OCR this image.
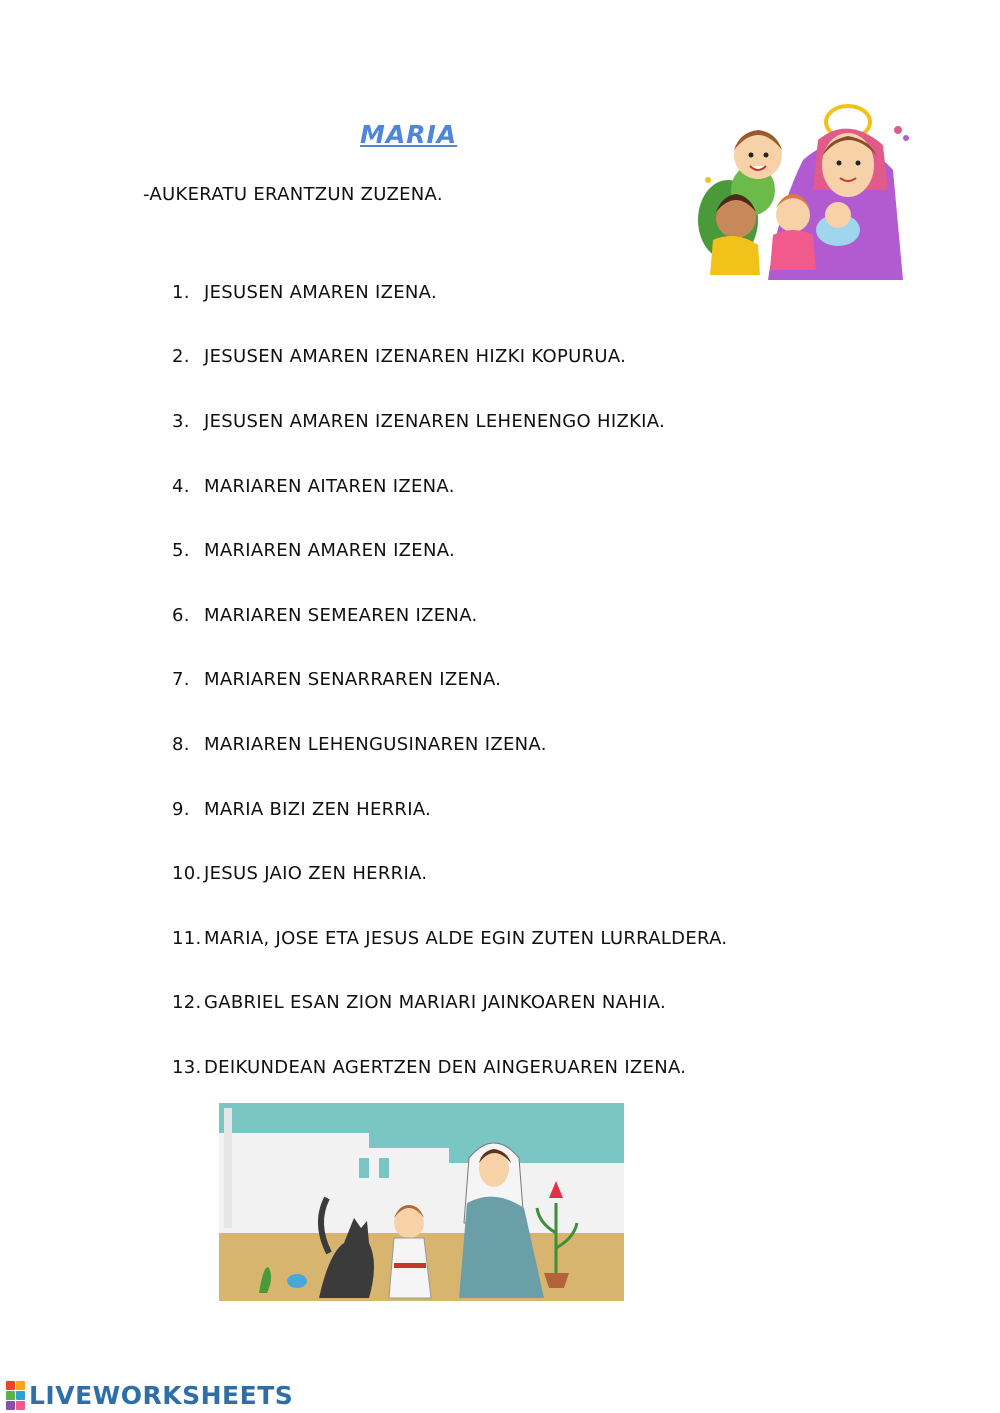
MARIA
-AUKERATU ERANTZUN ZUZENA.
1. JESUSEN AMAREN IZENA.
2. JESUSEN AMAREN IZENAREN HIZKI KOPURUA.
3. JESUSEN AMAREN IZENAREN LEHENENGO HIZKIA.
4. MARIAREN AITAREN IZENA.
5. MARIAREN AMAREN IZENA.
6. MARIAREN SEMEAREN IZENA.
7. MARIAREN SENARRAREN IZENA.
8. MARIAREN LEHENGUSINAREN IZENA.
9. MARIA BIZI ZEN HERRIA.
10. JESUS JAIO ZEN HERRIA.
11. MARIA, JOSE ETA JESUS ALDE EGIN ZUTEN LURRALDERA.
12. GABRIEL ESAN ZION MARIARI JAINKOAREN NAHIA.
13. DEIKUNDEAN AGERTZEN DEN AINGERUAREN IZENA.
LIVEWORKSHEETS
